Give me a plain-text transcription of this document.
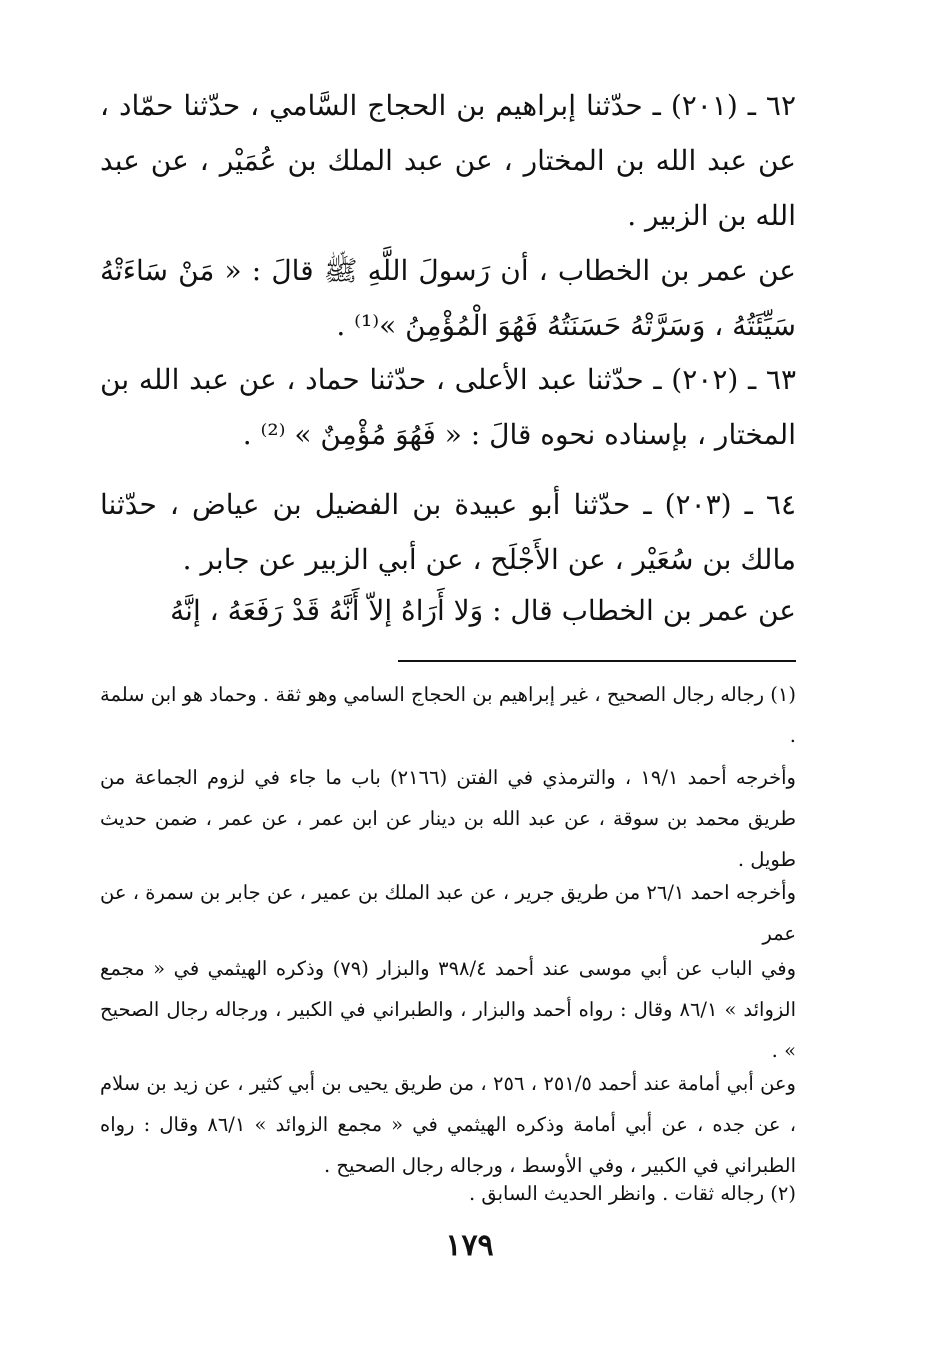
٦٢ ـ (٢٠١) ـ حدّثنا إبراهيم بن الحجاج السَّامي ، حدّثنا حمّاد ، عن عبد الله بن المختار ، عن عبد الملك بن عُمَيْر ، عن عبد الله بن الزبير .

عن عمر بن الخطاب ، أن رَسولَ اللَّهِ ﷺ قالَ : « مَنْ سَاءَتْهُ سَيِّئَتُهُ ، وَسَرَّتْهُ حَسَنَتُهُ فَهُوَ الْمُؤْمِنُ »⁽¹⁾ .

٦٣ ـ (٢٠٢) ـ حدّثنا عبد الأعلى ، حدّثنا حماد ، عن عبد الله بن المختار ، بإسناده نحوه قالَ : « فَهُوَ مُؤْمِنٌ » ⁽²⁾ .

٦٤ ـ (٢٠٣) ـ حدّثنا أبو عبيدة بن الفضيل بن عياض ، حدّثنا مالك بن سُعَيْر ، عن الأَجْلَح ، عن أبي الزبير عن جابر .

عن عمر بن الخطاب قال : وَلا أَرَاهُ إلاّ أَنَّهُ قَدْ رَفَعَهُ ، إنَّهُ

(١) رجاله رجال الصحيح ، غير إبراهيم بن الحجاج السامي وهو ثقة . وحماد هو ابن سلمة .

وأخرجه أحمد ١٩/١ ، والترمذي في الفتن (٢١٦٦) باب ما جاء في لزوم الجماعة من طريق محمد بن سوقة ، عن عبد الله بن دينار عن ابن عمر ، عن عمر ، ضمن حديث طويل .

وأخرجه احمد ٢٦/١ من طريق جرير ، عن عبد الملك بن عمير ، عن جابر بن سمرة ، عن عمر

وفي الباب عن أبي موسى عند أحمد ٣٩٨/٤ والبزار (٧٩) وذكره الهيثمي في « مجمع الزوائد » ٨٦/١ وقال : رواه أحمد والبزار ، والطبراني في الكبير ، ورجاله رجال الصحيح » .

وعن أبي أمامة عند أحمد ٢٥١/٥ ، ٢٥٦ ، من طريق يحيى بن أبي كثير ، عن زيد بن سلام ، عن جده ، عن أبي أمامة وذكره الهيثمي في « مجمع الزوائد » ٨٦/١ وقال : رواه الطبراني في الكبير ، وفي الأوسط ، ورجاله رجال الصحيح .

(٢) رجاله ثقات . وانظر الحديث السابق .

١٧٩
